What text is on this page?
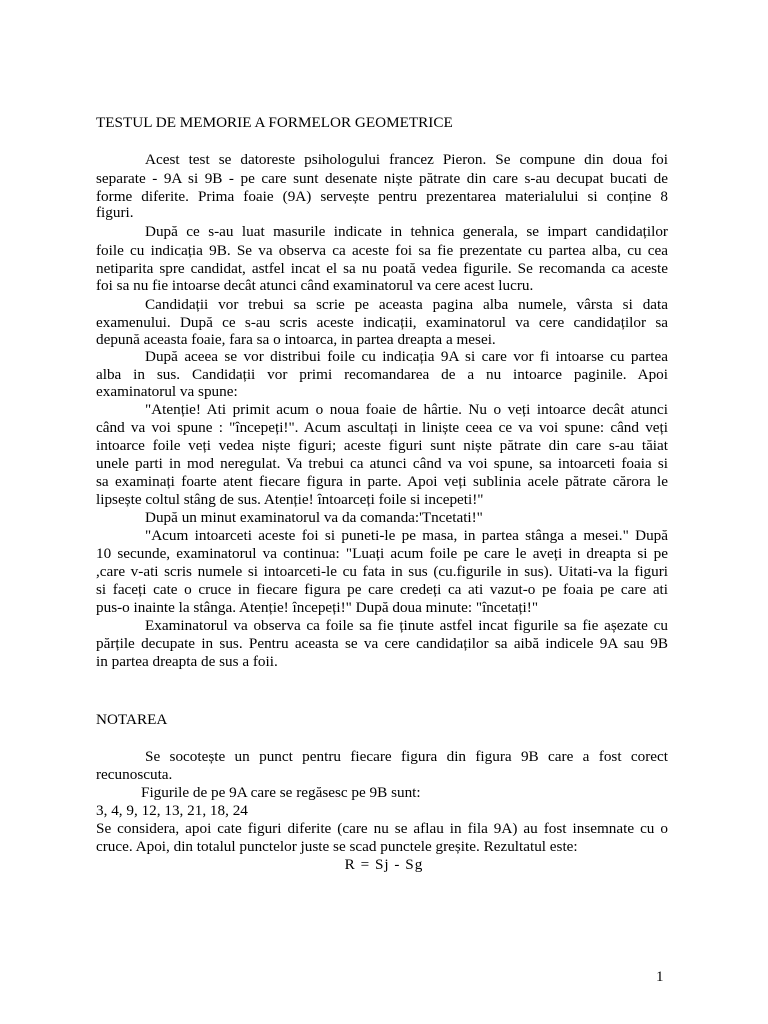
TESTUL DE MEMORIE A FORMELOR GEOMETRICE
Acest test se datoreste psihologului francez Pieron. Se compune din doua foi
separate - 9A si 9B - pe care sunt desenate niște pătrate din care s-au decupat bucati de
forme diferite. Prima foaie (9A) servește pentru prezentarea materialului si conține 8
figuri.
După ce s-au luat masurile indicate in tehnica generala, se impart candidaților
foile cu indicația 9B. Se va observa ca aceste foi sa fie prezentate cu partea alba, cu cea
netiparita spre candidat, astfel incat el sa nu poată vedea figurile. Se recomanda ca aceste
foi sa nu fie intoarse decât atunci când examinatorul va cere acest lucru.
Candidații vor trebui sa scrie pe aceasta pagina alba numele, vârsta si data
examenului. După ce s-au scris aceste indicații, examinatorul va cere candidaților sa
depună aceasta foaie, fara sa o intoarca, in partea dreapta a mesei.
După aceea se vor distribui foile cu indicația 9A si care vor fi intoarse cu partea
alba in sus. Candidații vor primi recomandarea de a nu intoarce paginile. Apoi
examinatorul va spune:
"Atenție! Ati primit acum o noua foaie de hârtie. Nu o veți intoarce decât atunci
când va voi spune : "începeți!". Acum ascultați in liniște ceea ce va voi spune: când veți
intoarce foile veți vedea niște figuri; aceste figuri sunt niște pătrate din care s-au tăiat
unele parti in mod neregulat. Va trebui ca atunci când va voi spune, sa intoarceti foaia si
sa examinați foarte atent fiecare figura in parte. Apoi veți sublinia acele pătrate cărora le
lipsește coltul stâng de sus. Atenție! întoarceți foile si incepeti!"
După un minut examinatorul va da comanda:'Tncetati!"
"Acum intoarceti aceste foi si puneti-le pe masa, in partea stânga a mesei." După
10 secunde, examinatorul va continua: "Luați acum foile pe care le aveți in dreapta si pe
,care v-ati scris numele si intoarceti-le cu fata in sus (cu.figurile in sus). Uitati-va la figuri
si faceți cate o cruce in fiecare figura pe care credeți ca ati vazut-o pe foaia pe care ati
pus-o inainte la stânga. Atenție! începeți!" După doua minute: "încetați!"
Examinatorul va observa ca foile sa fie ținute astfel incat figurile sa fie așezate cu
părțile decupate in sus. Pentru aceasta se va cere candidaților sa aibă indicele 9A sau 9B
in partea dreapta de sus a foii.
NOTAREA
Se socotește un punct pentru fiecare figura din figura 9B care a fost corect
recunoscuta.
Figurile de pe 9A care se regăsesc pe 9B sunt:
3, 4, 9, 12, 13, 21, 18, 24
Se considera, apoi cate figuri diferite (care nu se aflau in fila 9A) au fost insemnate cu o
cruce. Apoi, din totalul punctelor juste se scad punctele greșite. Rezultatul este:
R = Sj - Sg
1
